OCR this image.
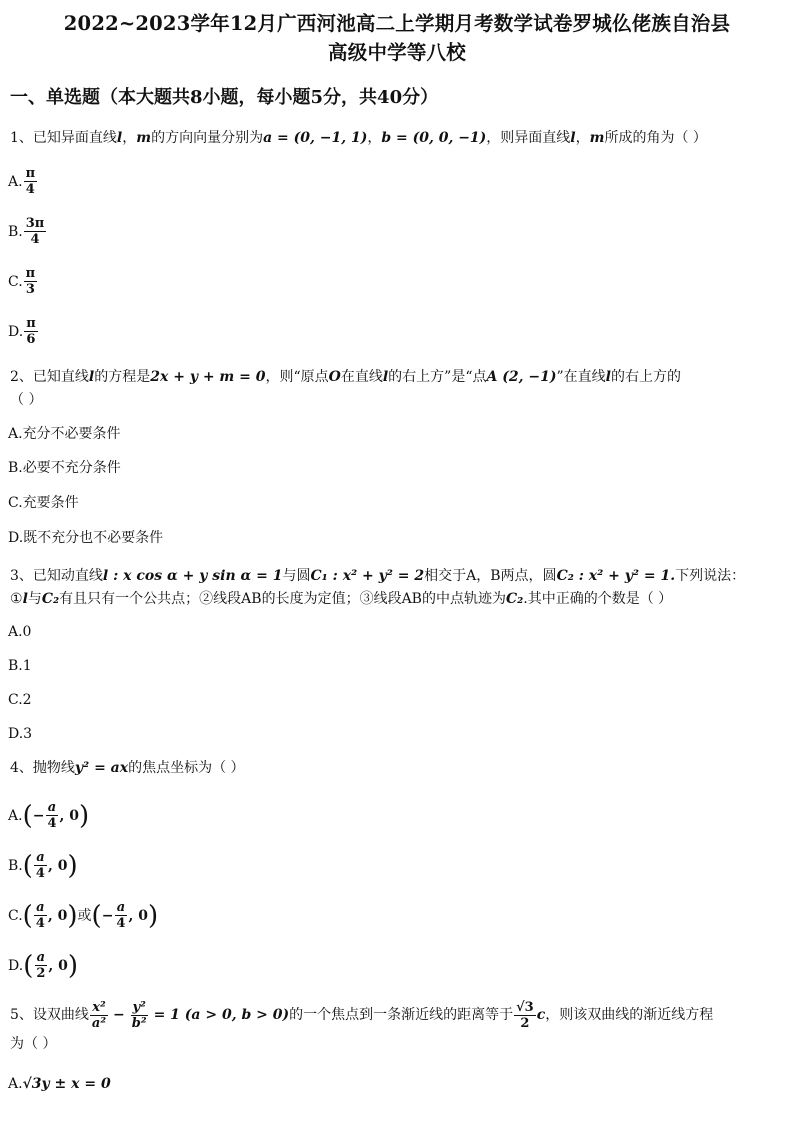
2022~2023学年12月广西河池高二上学期月考数学试卷罗城仫佬族自治县
高级中学等八校
一、单选题（本大题共8小题，每小题5分，共40分）
1、已知异面直线l，m的方向向量分别为a = (0, −1, 1)，b = (0, 0, −1)，则异面直线l，m所成的角为（ ）
A. $\frac{\pi}{4}$
B. $\frac{3\pi}{4}$
C. $\frac{\pi}{3}$
D. $\frac{\pi}{6}$
2、已知直线l的方程是2x + y + m = 0，则“原点O在直线l的右上方”是“点A (2, −1)”在直线l的右上方的
（ ）
A.充分不必要条件
B.必要不充分条件
C.充要条件
D.既不充分也不必要条件
3、已知动直线l : x cos α + y sin α = 1与圆C₁ : x² + y² = 2相交于A，B两点，圆C₂ : x² + y² = 1.下列说法：
①l与C₂有且只有一个公共点；②线段AB的长度为定值；③线段AB的中点轨迹为C₂.其中正确的个数是（ ）
A.0
B.1
C.2
D.3
4、抛物线y² = ax的焦点坐标为（ ）
A. ( − $\frac{a}{4}$ , 0 )
B. ( $\frac{a}{4}$ , 0 )
C. ( $\frac{a}{4}$ , 0 ) 或 ( − $\frac{a}{4}$ , 0 )
D. ( $\frac{a}{2}$ , 0 )
5、设双曲线 $\frac{\text{x²}}{\text{a²}} - \frac{\text{y²}}{\text{b²}} = 1$ (a > 0, b > 0) 的一个焦点到一条渐近线的距离等于 $\frac{√3}{2}$ c ，则该双曲线的渐近线方程
为（ ）
A. √3y ± x = 0
